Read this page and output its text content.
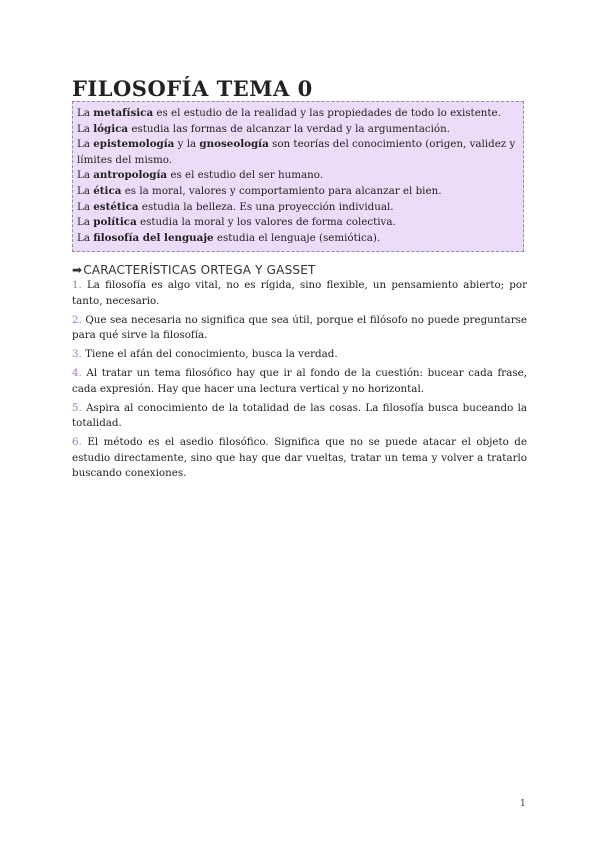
FILOSOFÍA TEMA 0

La metafísica es el estudio de la realidad y las propiedades de todo lo existente.

La lógica estudia las formas de alcanzar la verdad y la argumentación.

La epistemología y la gnoseología son teorías del conocimiento (origen, validez y límites del mismo.

La antropología es el estudio del ser humano.

La ética es la moral, valores y comportamiento para alcanzar el bien.

La estética estudia la belleza. Es una proyección individual.

La política estudia la moral y los valores de forma colectiva.

La filosofía del lenguaje estudia el lenguaje (semiótica).

➡CARACTERÍSTICAS ORTEGA Y GASSET

1. La filosofía es algo vital, no es rígida, sino flexible, un pensamiento abierto; por tanto, necesario.

2. Que sea necesaria no significa que sea útil, porque el filósofo no puede preguntarse para qué sirve la filosofía.

3. Tiene el afán del conocimiento, busca la verdad.

4. Al tratar un tema filosófico hay que ir al fondo de la cuestión: bucear cada frase, cada expresión. Hay que hacer una lectura vertical y no horizontal.

5. Aspira al conocimiento de la totalidad de las cosas. La filosofía busca buceando la totalidad.

6. El método es el asedio filosófico. Significa que no se puede atacar el objeto de estudio directamente, sino que hay que dar vueltas, tratar un tema y volver a tratarlo buscando conexiones.

1
